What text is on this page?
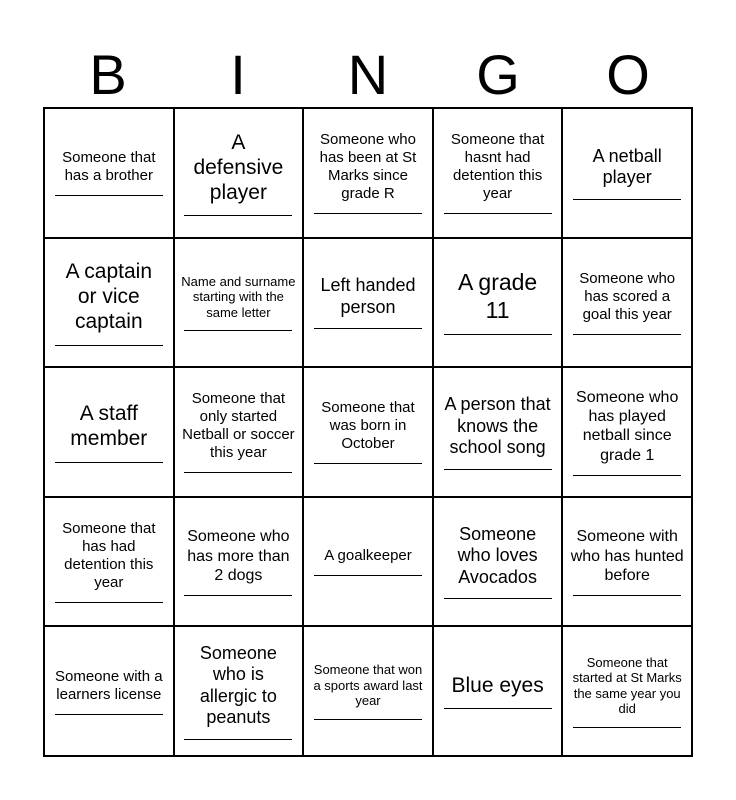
B	I	N	G	O
Someone that has a brother
A defensive player
Someone who has been at St Marks since grade R
Someone that hasnt had detention this year
A netball player
A captain or vice captain
Name and surname starting with the same letter
Left handed person
A grade 11
Someone who has scored a goal this year
A staff member
Someone that only started Netball or soccer this year
Someone that was born in October
A person that knows the school song
Someone who has played netball since grade 1
Someone that has had detention this year
Someone who has more than 2 dogs
A goalkeeper
Someone who loves Avocados
Someone with who has hunted before
Someone with a learners license
Someone who is allergic to peanuts
Someone that won a sports award last year
Blue eyes
Someone that started at St Marks the same year you did
